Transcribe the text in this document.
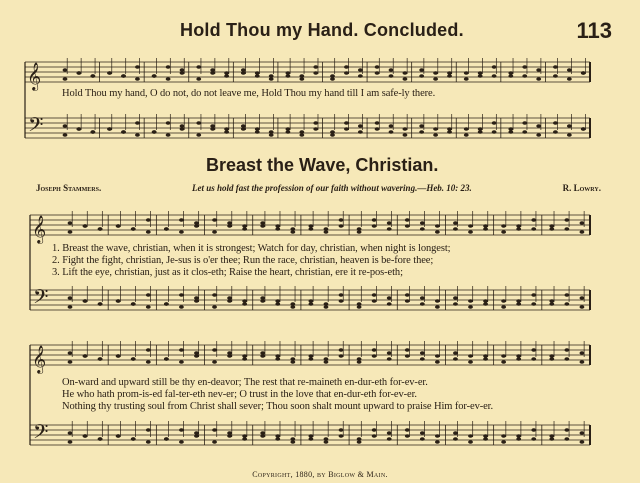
Hold Thou my Hand. Concluded.	113
𝄞
𝄢
𝄞
𝄢
𝄞
𝄢
Hold Thou my hand, O do not, do not leave me, Hold Thou my hand till I am safe-ly there.
Breast the Wave, Christian.
Joseph Stammers.	Let us hold fast the profession of our faith without wavering.—Heb. 10: 23.	R. Lowry.
1. Breast the wave, christian, when it is strongest; Watch for day, christian, when night is longest;
2. Fight the fight, christian, Je-sus is o'er thee; Run the race, christian, heaven is be-fore thee;
3. Lift the eye, christian, just as it clos-eth; Raise the heart, christian, ere it re-pos-eth;
On-ward and upward still be thy en-deavor; The rest that re-maineth en-dur-eth for-ev-er.
He who hath prom-is-ed fal-ter-eth nev-er; O trust in the love that en-dur-eth for-ev-er.
Nothing thy trusting soul from Christ shall sever; Thou soon shalt mount upward to praise Him for-ev-er.
Copyright, 1880, by Biglow & Main.
